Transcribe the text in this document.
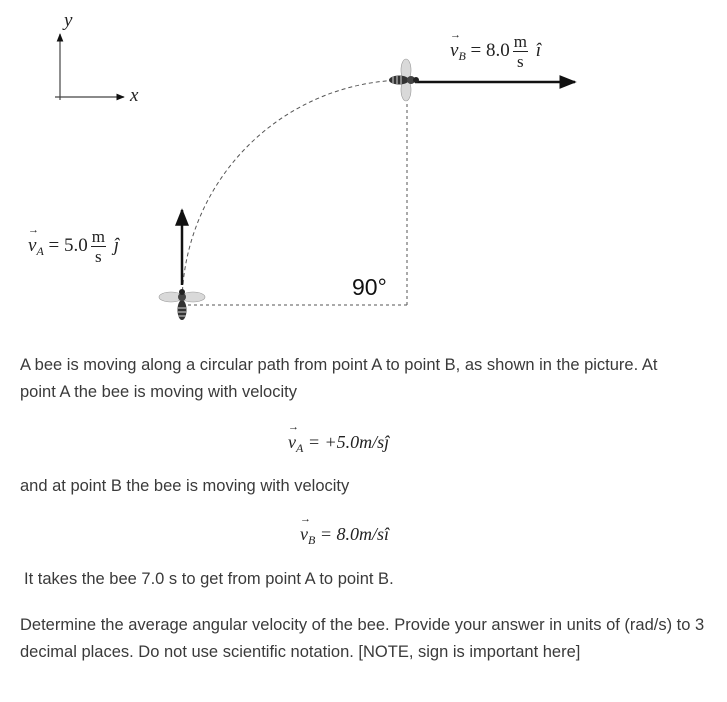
y
x
→ $v_A = 5.0 \frac{m}{s}$ ĵ
→ $v_B = 8.0 \frac{m}{s}$ î
90°
A bee is moving along a circular path from point A to point B, as shown in the picture. At point A the bee is moving with velocity
→ $v_A$ = +5.0m/sĵ
and at point B the bee is moving with velocity
→ $v_B$ = 8.0m/sî
It takes the bee 7.0 s to get from point A to point B.
Determine the average angular velocity of the bee. Provide your answer in units of (rad/s) to 3 decimal places. Do not use scientific notation. [NOTE, sign is important here]
